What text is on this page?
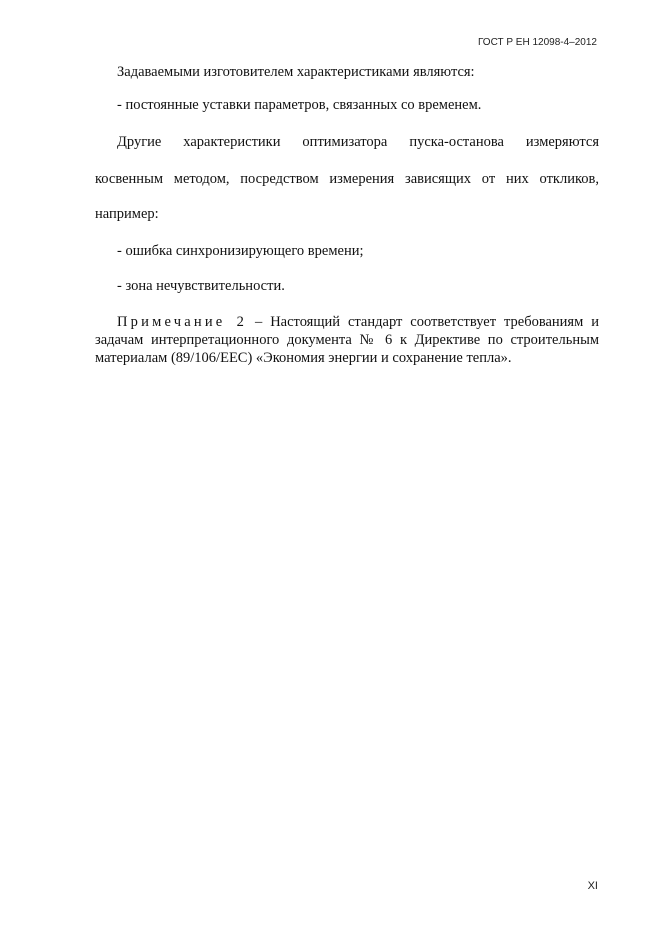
ГОСТ Р ЕН 12098-4–2012

Задаваемыми изготовителем характеристиками являются:

- постоянные уставки параметров, связанных со временем.

Другие характеристики оптимизатора пуска-останова измеряются

косвенным методом, посредством измерения зависящих от них откликов,

например:

- ошибка синхронизирующего времени;

- зона нечувствительности.

Примечание 2 – Настоящий стандарт соответствует требованиям и задачам интерпретационного документа № 6 к Директиве по строительным материалам (89/106/EEC) «Экономия энергии и сохранение тепла».

XI
